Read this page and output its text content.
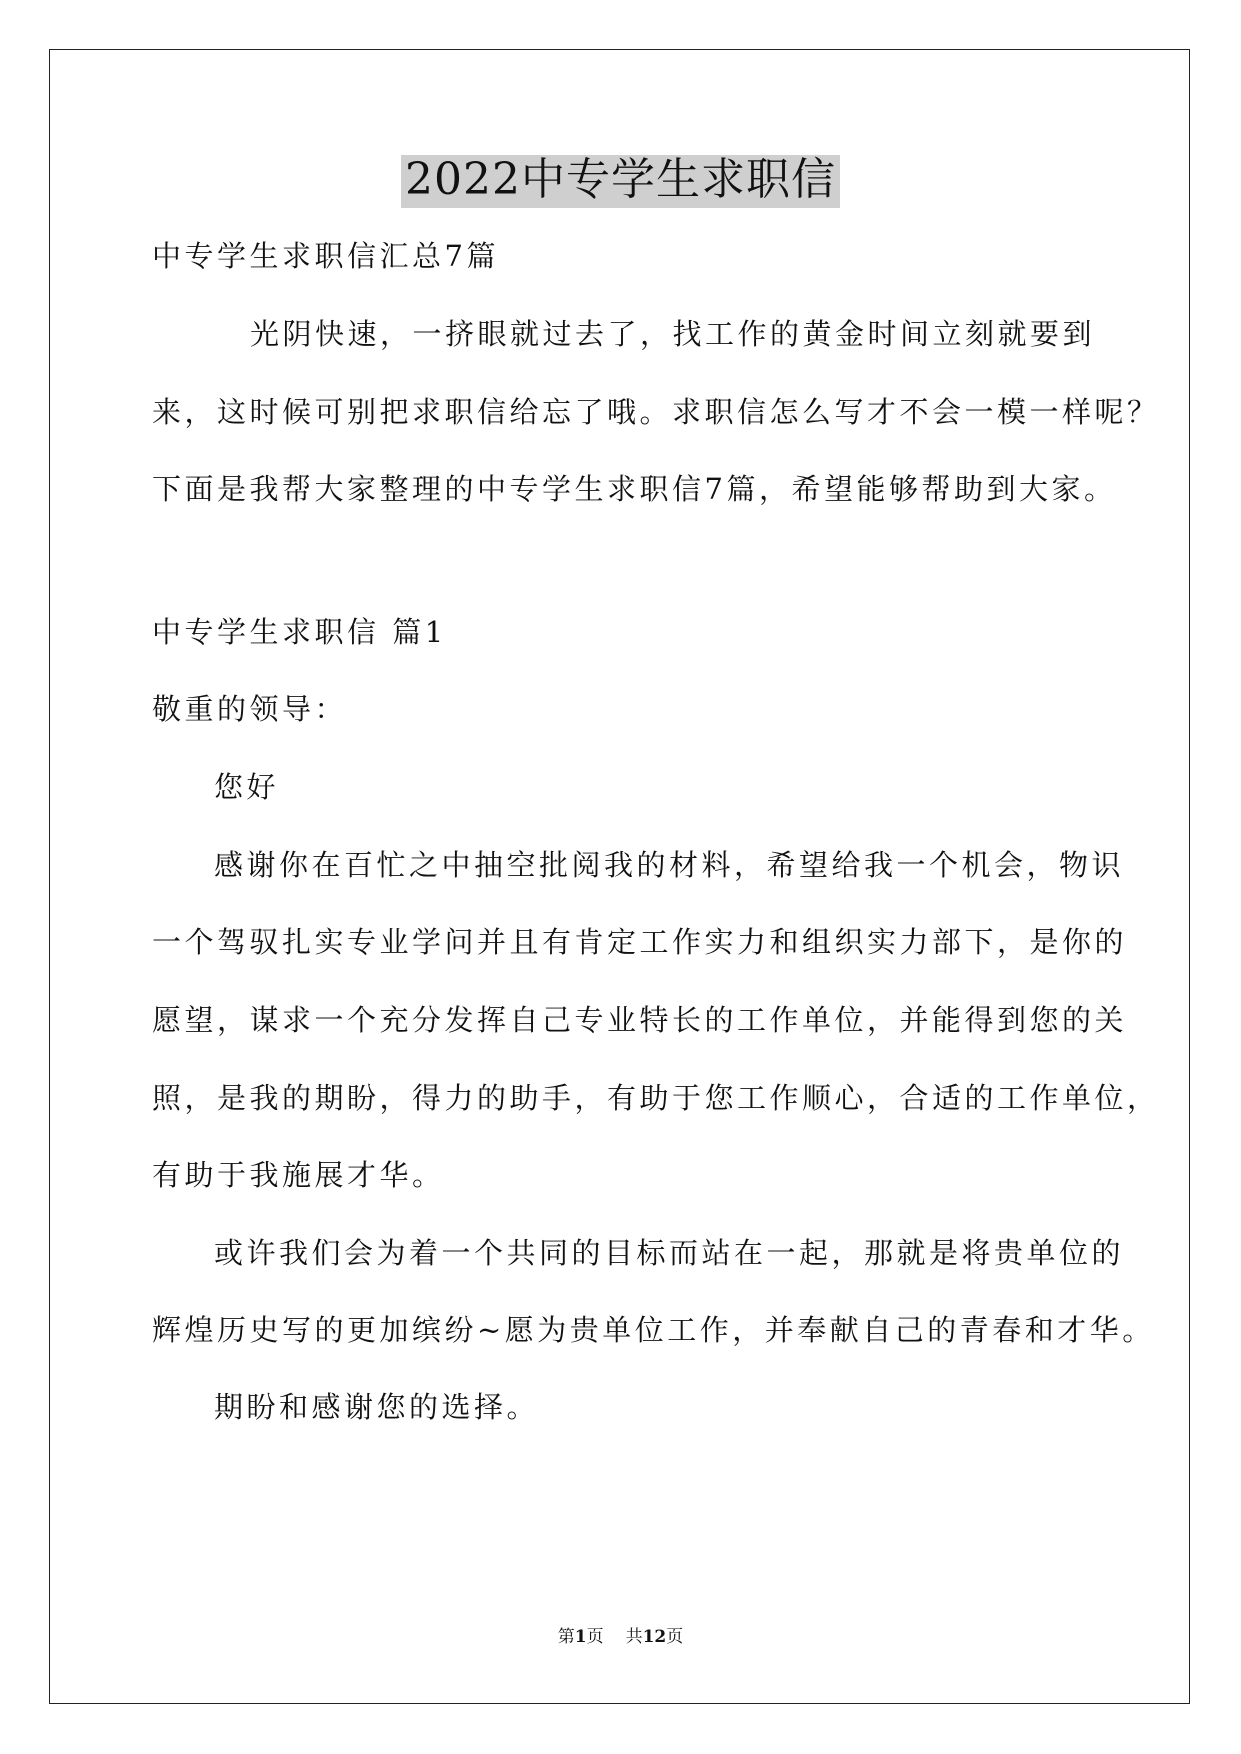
2022中专学生求职信

中专学生求职信汇总7篇

光阴快速，一挤眼就过去了，找工作的黄金时间立刻就要到

来，这时候可别把求职信给忘了哦。求职信怎么写才不会一模一样呢？

下面是我帮大家整理的中专学生求职信7篇，希望能够帮助到大家。

中专学生求职信 篇1

敬重的领导：

您好

感谢你在百忙之中抽空批阅我的材料，希望给我一个机会，物识

一个驾驭扎实专业学问并且有肯定工作实力和组织实力部下，是你的

愿望，谋求一个充分发挥自己专业特长的工作单位，并能得到您的关

照，是我的期盼，得力的助手，有助于您工作顺心，合适的工作单位，

有助于我施展才华。

或许我们会为着一个共同的目标而站在一起，那就是将贵单位的

辉煌历史写的更加缤纷~愿为贵单位工作，并奉献自己的青春和才华。

期盼和感谢您的选择。

第1页 共12页
